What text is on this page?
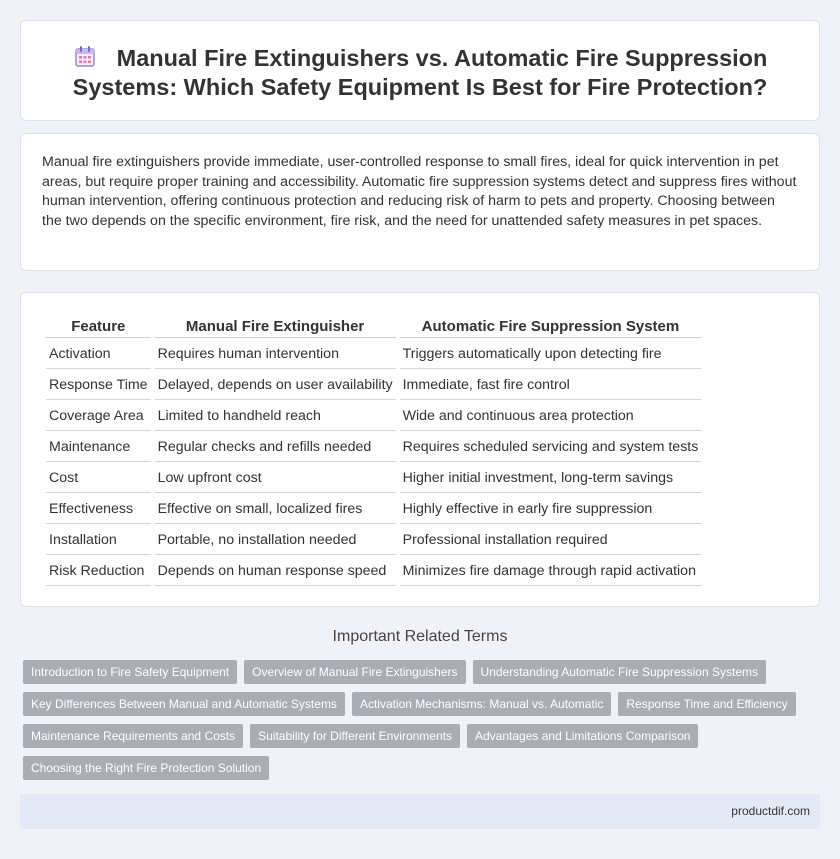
Manual Fire Extinguishers vs. Automatic Fire Suppression Systems: Which Safety Equipment Is Best for Fire Protection?

Manual fire extinguishers provide immediate, user-controlled response to small fires, ideal for quick intervention in pet areas, but require proper training and accessibility. Automatic fire suppression systems detect and suppress fires without human intervention, offering continuous protection and reducing risk of harm to pets and property. Choosing between the two depends on the specific environment, fire risk, and the need for unattended safety measures in pet spaces.

Feature	Manual Fire Extinguisher	Automatic Fire Suppression System
Activation	Requires human intervention	Triggers automatically upon detecting fire
Response Time	Delayed, depends on user availability	Immediate, fast fire control
Coverage Area	Limited to handheld reach	Wide and continuous area protection
Maintenance	Regular checks and refills needed	Requires scheduled servicing and system tests
Cost	Low upfront cost	Higher initial investment, long-term savings
Effectiveness	Effective on small, localized fires	Highly effective in early fire suppression
Installation	Portable, no installation needed	Professional installation required
Risk Reduction	Depends on human response speed	Minimizes fire damage through rapid activation
Important Related Terms
Introduction to Fire Safety Equipment	Overview of Manual Fire Extinguishers	Understanding Automatic Fire Suppression Systems
Key Differences Between Manual and Automatic Systems	Activation Mechanisms: Manual vs. Automatic	Response Time and Efficiency
Maintenance Requirements and Costs	Suitability for Different Environments	Advantages and Limitations Comparison
Choosing the Right Fire Protection Solution
productdif.com
